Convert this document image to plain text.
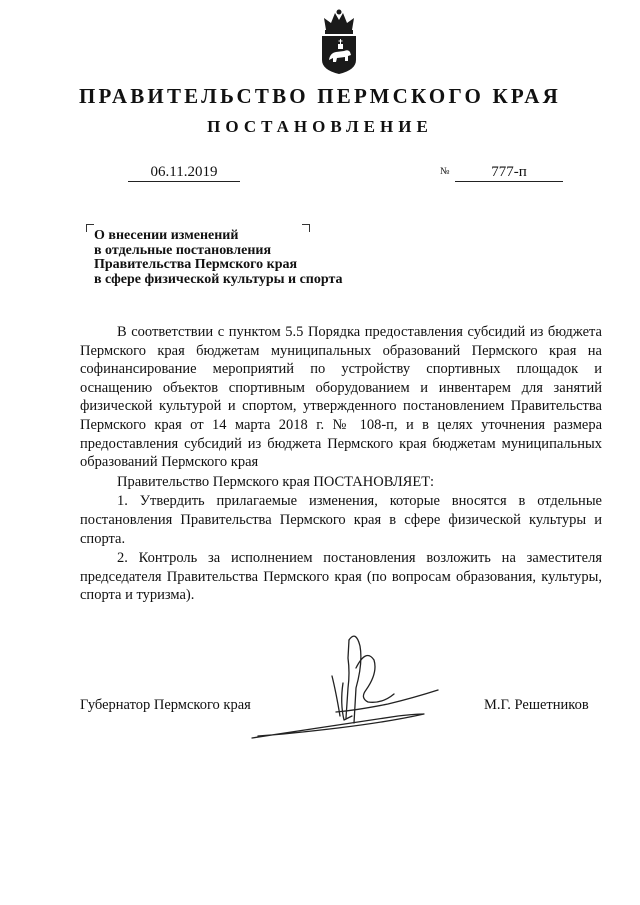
ПРАВИТЕЛЬСТВО ПЕРМСКОГО КРАЯ
ПОСТАНОВЛЕНИЕ
06.11.2019	№	777-п
О внесении изменений
в отдельные постановления
Правительства Пермского края
в сфере физической культуры и спорта

В соответствии с пунктом 5.5 Порядка предоставления субсидий из бюджета Пермского края бюджетам муниципальных образований Пермского края на софинансирование мероприятий по устройству спортивных площадок и оснащению объектов спортивным оборудованием и инвентарем для занятий физической культурой и спортом, утвержденного постановлением Правительства Пермского края от 14 марта 2018 г. № 108-п, и в целях уточнения размера предоставления субсидий из бюджета Пермского края бюджетам муниципальных образований Пермского края

Правительство Пермского края ПОСТАНОВЛЯЕТ:

1. Утвердить прилагаемые изменения, которые вносятся в отдельные постановления Правительства Пермского края в сфере физической культуры и спорта.

2. Контроль за исполнением постановления возложить на заместителя председателя Правительства Пермского края (по вопросам образования, культуры, спорта и туризма).

Губернатор Пермского края	М.Г. Решетников
